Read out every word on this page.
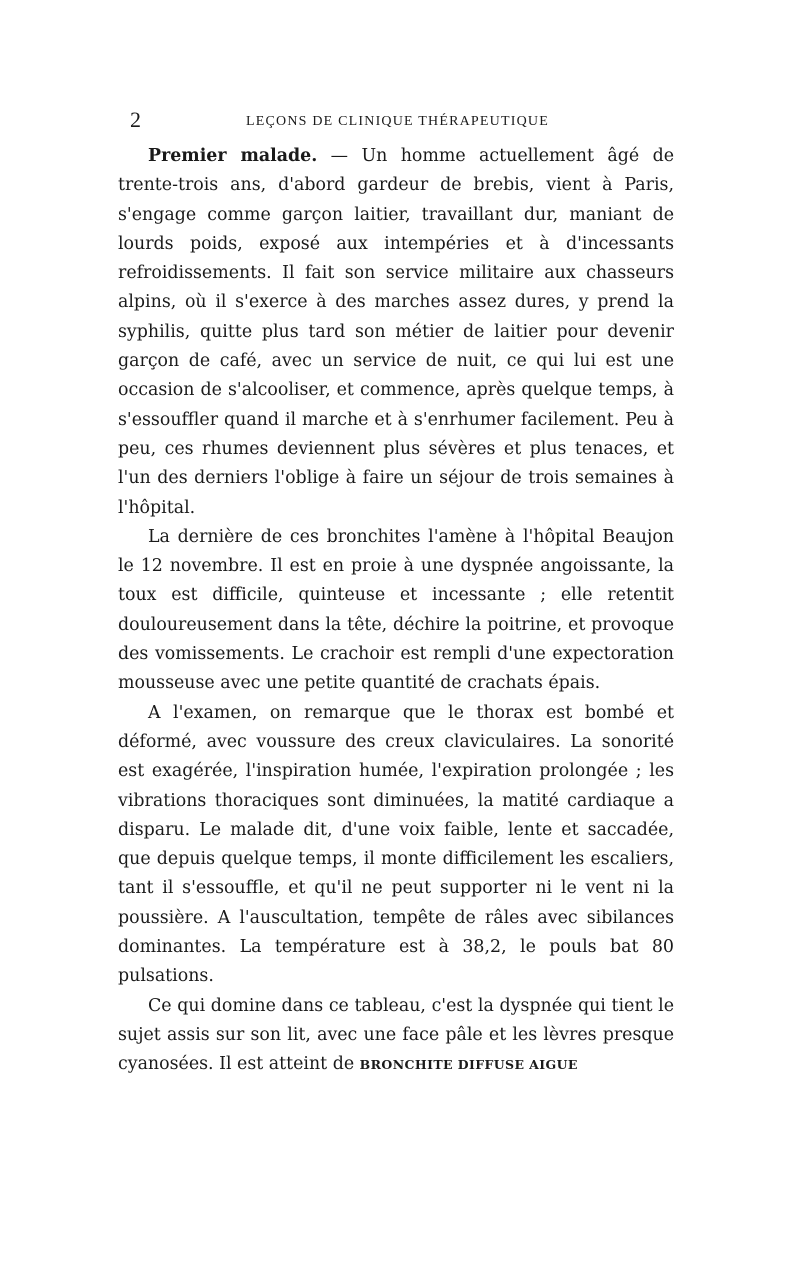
2	LEÇONS DE CLINIQUE THÉRAPEUTIQUE

Premier malade. — Un homme actuellement âgé de trente-trois ans, d'abord gardeur de brebis, vient à Paris, s'engage comme garçon laitier, travaillant dur, maniant de lourds poids, exposé aux intempéries et à d'incessants refroidissements. Il fait son service militaire aux chasseurs alpins, où il s'exerce à des marches assez dures, y prend la syphilis, quitte plus tard son métier de laitier pour devenir garçon de café, avec un service de nuit, ce qui lui est une occasion de s'alcooliser, et commence, après quelque temps, à s'essouffler quand il marche et à s'enrhumer facilement. Peu à peu, ces rhumes deviennent plus sévères et plus tenaces, et l'un des derniers l'oblige à faire un séjour de trois semaines à l'hôpital.

La dernière de ces bronchites l'amène à l'hôpital Beaujon le 12 novembre. Il est en proie à une dyspnée angoissante, la toux est difficile, quinteuse et incessante ; elle retentit douloureusement dans la tête, déchire la poitrine, et provoque des vomissements. Le crachoir est rempli d'une expectoration mousseuse avec une petite quantité de crachats épais.

A l'examen, on remarque que le thorax est bombé et déformé, avec voussure des creux claviculaires. La sonorité est exagérée, l'inspiration humée, l'expiration prolongée ; les vibrations thoraciques sont diminuées, la matité cardiaque a disparu. Le malade dit, d'une voix faible, lente et saccadée, que depuis quelque temps, il monte difficilement les escaliers, tant il s'essouffle, et qu'il ne peut supporter ni le vent ni la poussière. A l'auscultation, tempête de râles avec sibilances dominantes. La température est à 38,2, le pouls bat 80 pulsations.

Ce qui domine dans ce tableau, c'est la dyspnée qui tient le sujet assis sur son lit, avec une face pâle et les lèvres presque cyanosées. Il est atteint de BRONCHITE DIFFUSE AIGUE
